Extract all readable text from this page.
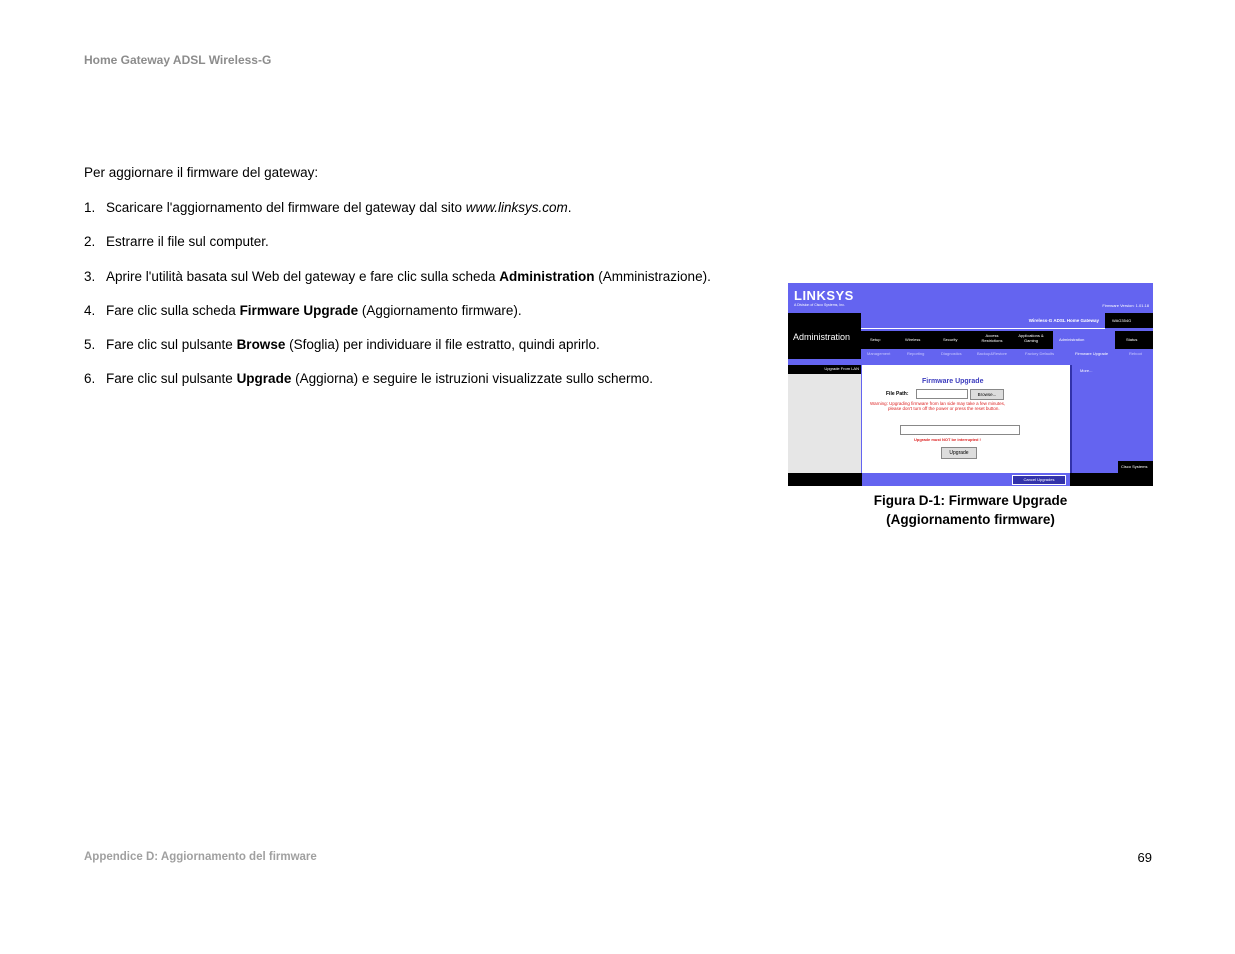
Home Gateway ADSL Wireless-G
Per aggiornare il firmware del gateway:
1. Scaricare l'aggiornamento del firmware del gateway dal sito www.linksys.com.
2. Estrarre il file sul computer.
3. Aprire l'utilità basata sul Web del gateway e fare clic sulla scheda Administration (Amministrazione).
4. Fare clic sulla scheda Firmware Upgrade (Aggiornamento firmware).
5. Fare clic sul pulsante Browse (Sfoglia) per individuare il file estratto, quindi aprirlo.
6. Fare clic sul pulsante Upgrade (Aggiorna) e seguire le istruzioni visualizzate sullo schermo.
LINKSYS
A Division of Cisco Systems, Inc.	Firmware Version: 1.01.18
Administration
Wireless-G ADSL Home Gateway	WAG354G
Setup	Wireless	Security
Access Restrictions
Applications & Gaming	Administration	Status
Management	Reporting	Diagnostics	Backup&Restore	Factory Defaults	Firmware Upgrade	Reboot
Upgrade From LAN
Firmware Upgrade
File Path:	Browse...
Warning: Upgrading firmware from lan side may take a few minutes,
please don't turn off the power or press the reset button.
Upgrade must NOT be interrupted !
Upgrade
More...
Cancel Upgrades
Cisco Systems
Figura D-1: Firmware Upgrade
(Aggiornamento firmware)
Appendice D: Aggiornamento del firmware	69
